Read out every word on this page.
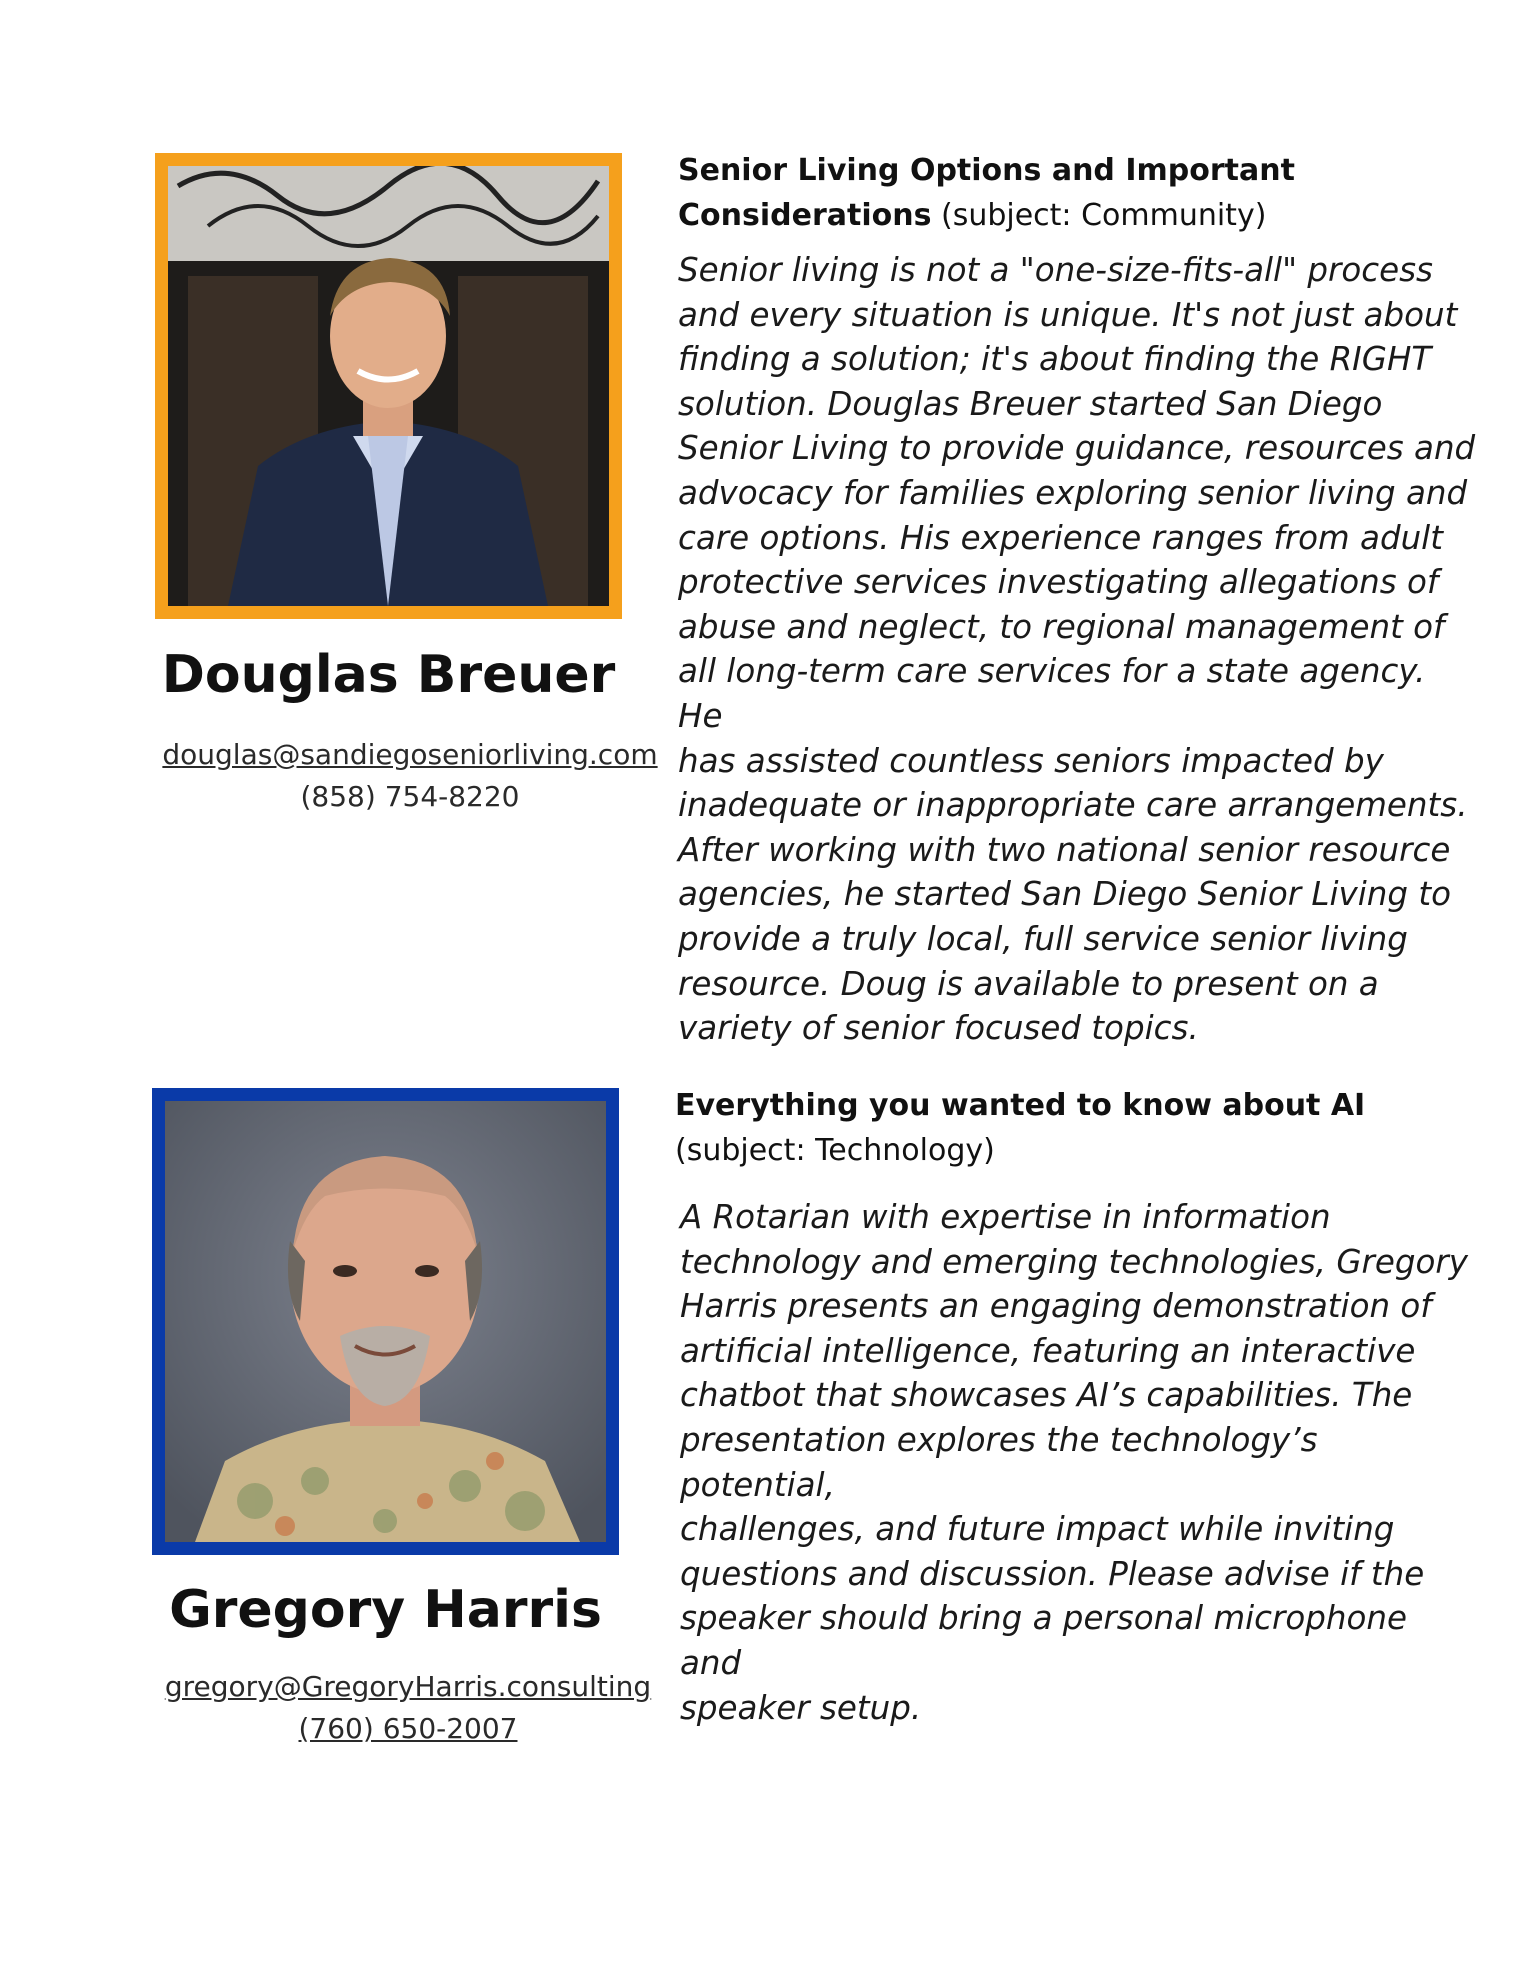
Douglas Breuer
douglas@sandiegoseniorliving.com
(858) 754-8220

Senior Living Options and Important
Considerations (subject: Community)

Senior living is not a "one-size-fits-all" process
and every situation is unique. It's not just about
finding a solution; it's about finding the RIGHT
solution. Douglas Breuer started San Diego
Senior Living to provide guidance, resources and
advocacy for families exploring senior living and
care options. His experience ranges from adult
protective services investigating allegations of
abuse and neglect, to regional management of
all long-term care services for a state agency. He
has assisted countless seniors impacted by
inadequate or inappropriate care arrangements.
After working with two national senior resource
agencies, he started San Diego Senior Living to
provide a truly local, full service senior living
resource. Doug is available to present on a
variety of senior focused topics.

Gregory Harris
gregory@GregoryHarris.consulting
(760) 650-2007

Everything you wanted to know about AI
(subject: Technology)

A Rotarian with expertise in information
technology and emerging technologies, Gregory
Harris presents an engaging demonstration of
artificial intelligence, featuring an interactive
chatbot that showcases AI’s capabilities. The
presentation explores the technology’s potential,
challenges, and future impact while inviting
questions and discussion. Please advise if the
speaker should bring a personal microphone and
speaker setup.
